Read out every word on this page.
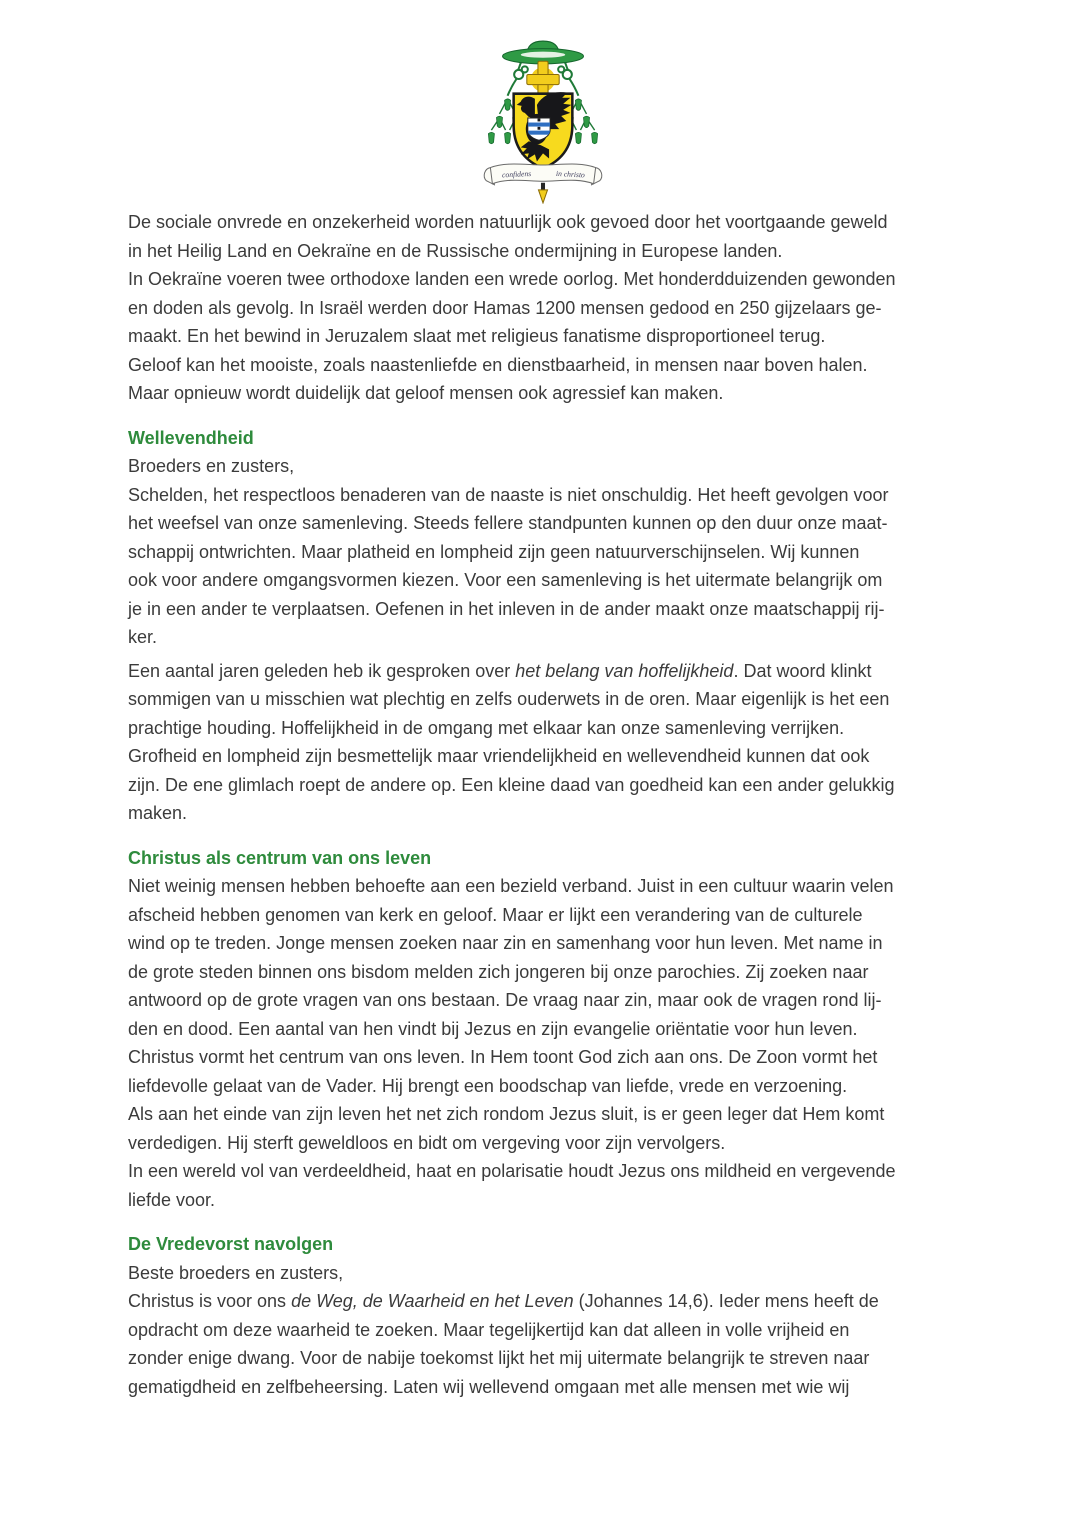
confidens	in christo

De sociale onvrede en onzekerheid worden natuurlijk ook gevoed door het voortgaande geweld
in het Heilig Land en Oekraïne en de Russische ondermijning in Europese landen.
In Oekraïne voeren twee orthodoxe landen een wrede oorlog. Met honderdduizenden gewonden
en doden als gevolg. In Israël werden door Hamas 1200 mensen gedood en 250 gijzelaars ge-
maakt. En het bewind in Jeruzalem slaat met religieus fanatisme disproportioneel terug.
Geloof kan het mooiste, zoals naastenliefde en dienstbaarheid, in mensen naar boven halen.
Maar opnieuw wordt duidelijk dat geloof mensen ook agressief kan maken.

Wellevendheid

Broeders en zusters,
Schelden, het respectloos benaderen van de naaste is niet onschuldig. Het heeft gevolgen voor
het weefsel van onze samenleving. Steeds fellere standpunten kunnen op den duur onze maat-
schappij ontwrichten. Maar platheid en lompheid zijn geen natuurverschijnselen. Wij kunnen
ook voor andere omgangsvormen kiezen. Voor een samenleving is het uitermate belangrijk om
je in een ander te verplaatsen. Oefenen in het inleven in de ander maakt onze maatschappij rij-
ker.

Een aantal jaren geleden heb ik gesproken over het belang van hoffelijkheid. Dat woord klinkt
sommigen van u misschien wat plechtig en zelfs ouderwets in de oren. Maar eigenlijk is het een
prachtige houding. Hoffelijkheid in de omgang met elkaar kan onze samenleving verrijken.
Grofheid en lompheid zijn besmettelijk maar vriendelijkheid en wellevendheid kunnen dat ook
zijn. De ene glimlach roept de andere op. Een kleine daad van goedheid kan een ander gelukkig
maken.

Christus als centrum van ons leven

Niet weinig mensen hebben behoefte aan een bezield verband. Juist in een cultuur waarin velen
afscheid hebben genomen van kerk en geloof. Maar er lijkt een verandering van de culturele
wind op te treden. Jonge mensen zoeken naar zin en samenhang voor hun leven. Met name in
de grote steden binnen ons bisdom melden zich jongeren bij onze parochies. Zij zoeken naar
antwoord op de grote vragen van ons bestaan. De vraag naar zin, maar ook de vragen rond lij-
den en dood. Een aantal van hen vindt bij Jezus en zijn evangelie oriëntatie voor hun leven.
Christus vormt het centrum van ons leven. In Hem toont God zich aan ons. De Zoon vormt het
liefdevolle gelaat van de Vader. Hij brengt een boodschap van liefde, vrede en verzoening.
Als aan het einde van zijn leven het net zich rondom Jezus sluit, is er geen leger dat Hem komt
verdedigen. Hij sterft geweldloos en bidt om vergeving voor zijn vervolgers.
In een wereld vol van verdeeldheid, haat en polarisatie houdt Jezus ons mildheid en vergevende
liefde voor.

De Vredevorst navolgen

Beste broeders en zusters,
Christus is voor ons de Weg, de Waarheid en het Leven (Johannes 14,6). Ieder mens heeft de
opdracht om deze waarheid te zoeken. Maar tegelijkertijd kan dat alleen in volle vrijheid en
zonder enige dwang. Voor de nabije toekomst lijkt het mij uitermate belangrijk te streven naar
gematigdheid en zelfbeheersing. Laten wij wellevend omgaan met alle mensen met wie wij
